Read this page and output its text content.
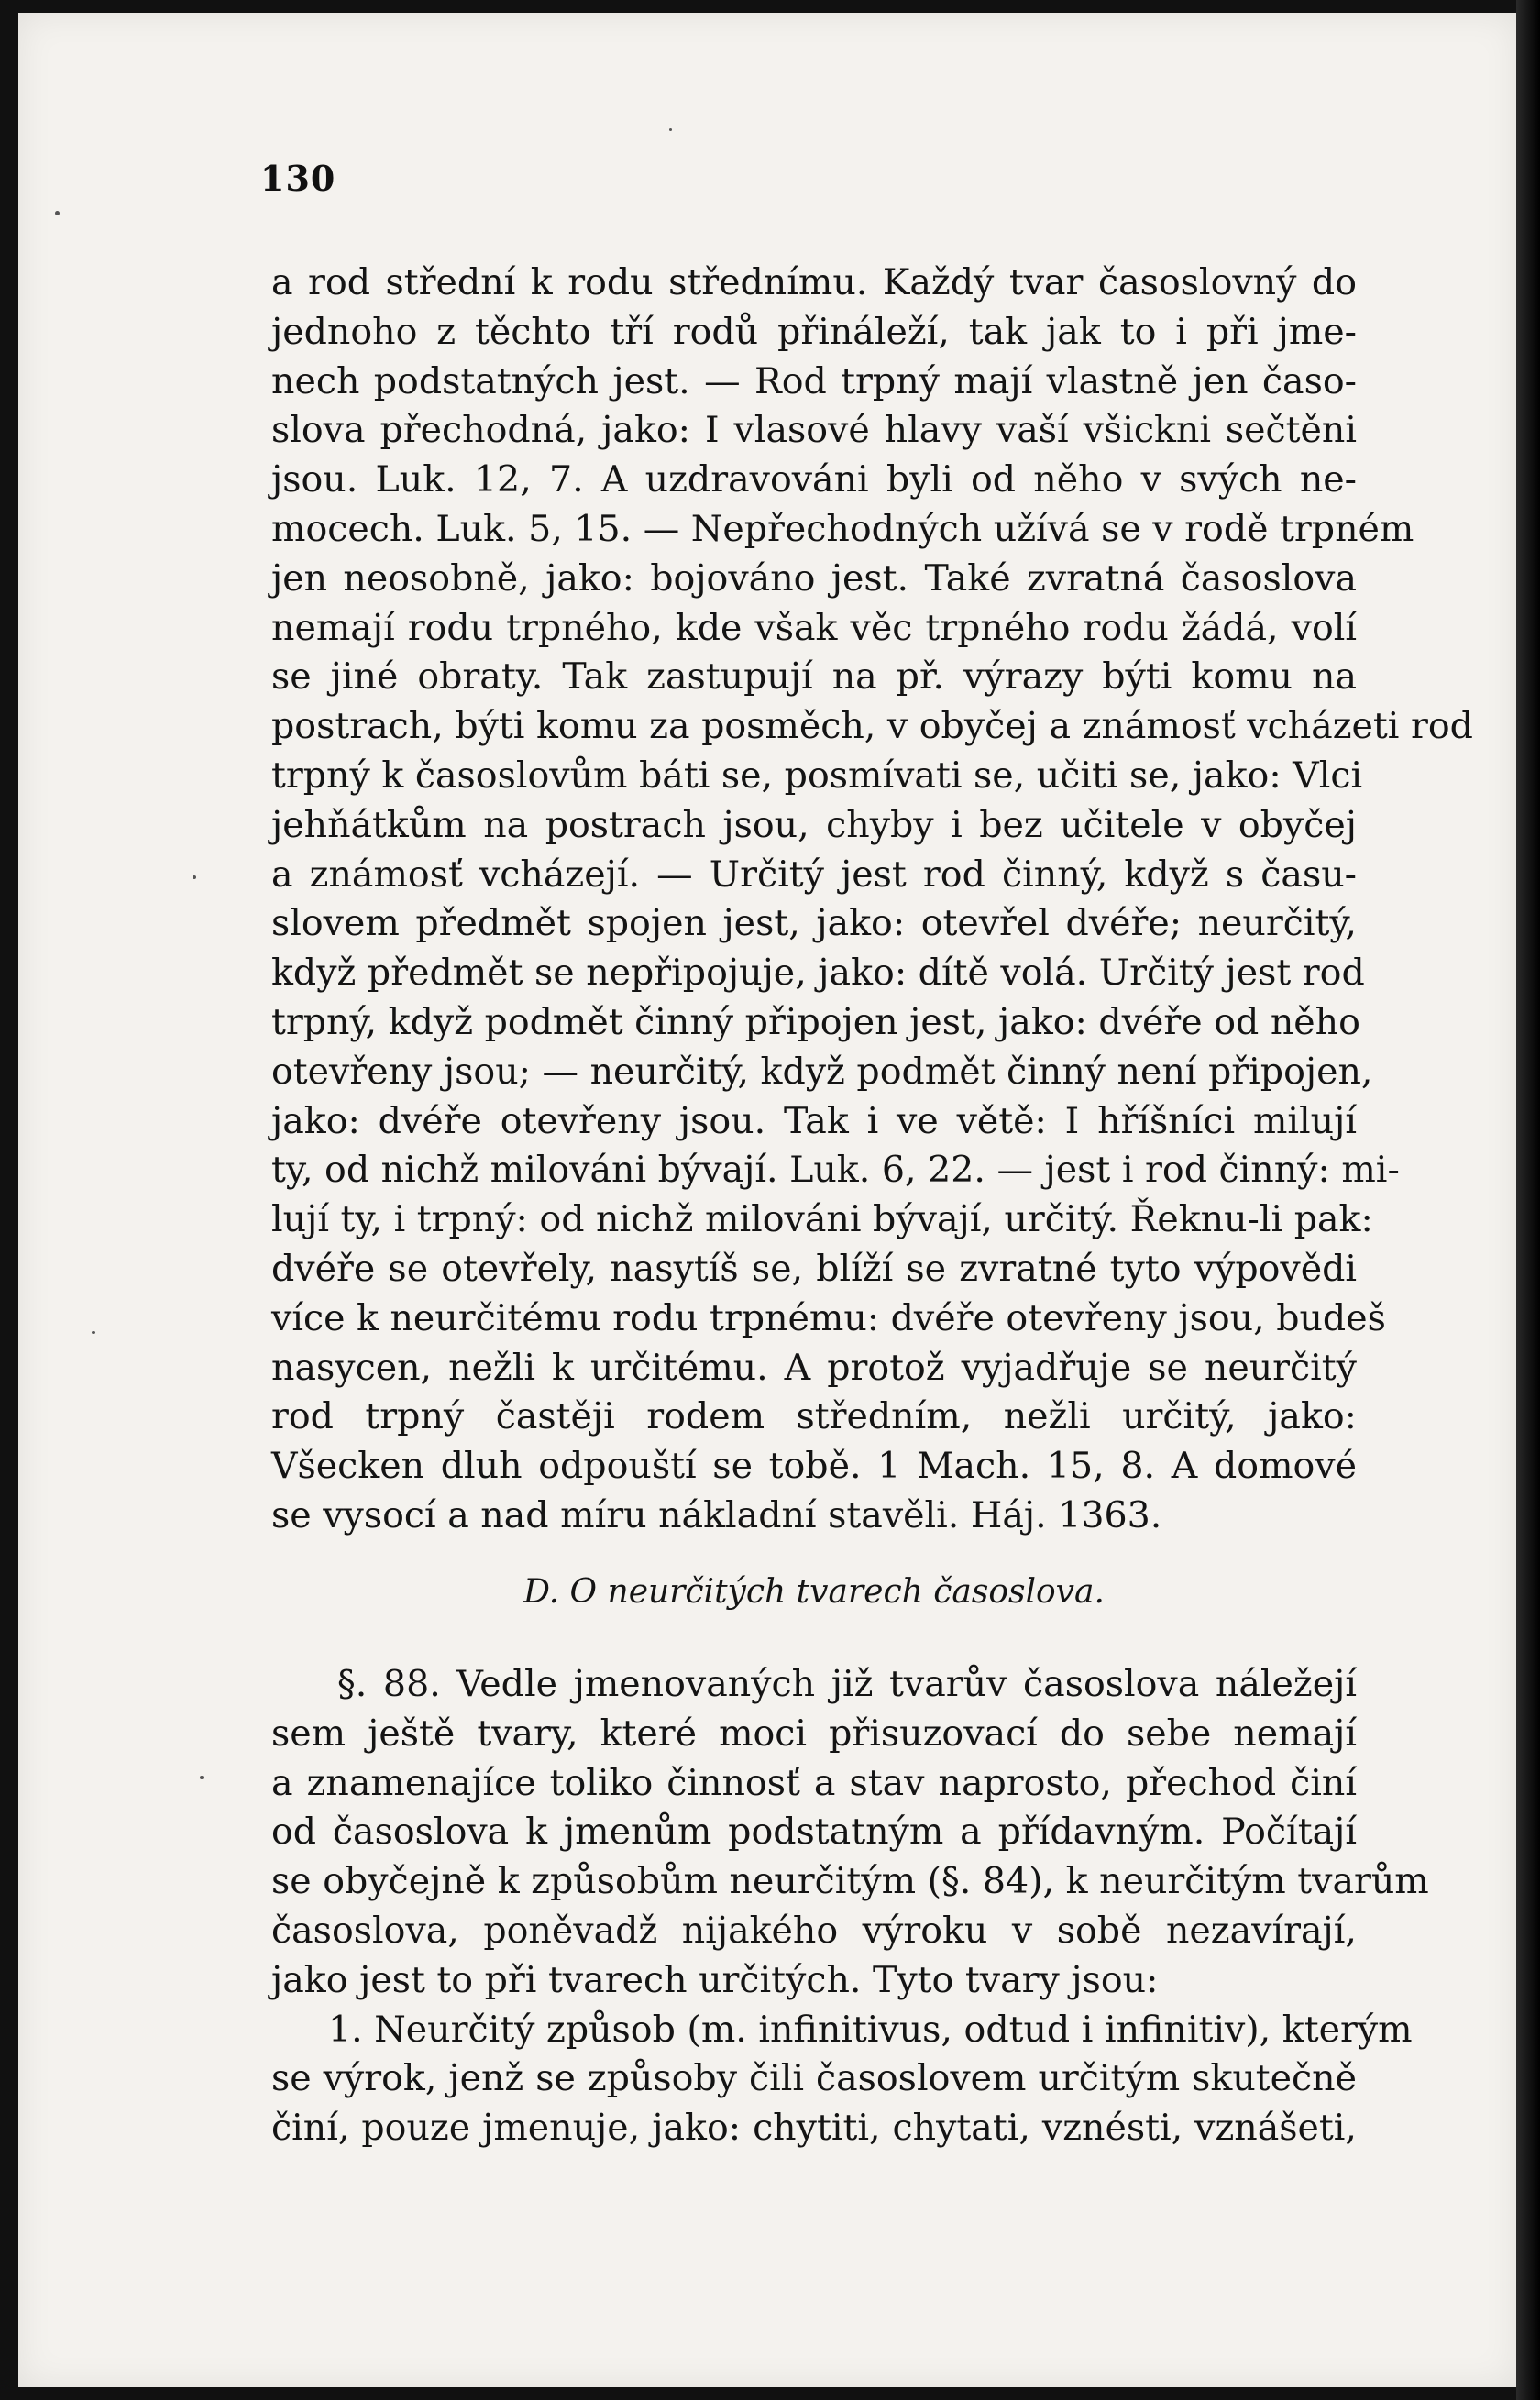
130
a rod střední k rodu střednímu. Každý tvar časoslovný do
jednoho z těchto tří rodů přináleží, tak jak to i při jme-
nech podstatných jest. — Rod trpný mají vlastně jen časo-
slova přechodná, jako: I vlasové hlavy vaší všickni sečtěni
jsou. Luk. 12, 7. A uzdravováni byli od něho v svých ne-
mocech. Luk. 5, 15. — Nepřechodných užívá se v rodě trpném
jen neosobně, jako: bojováno jest. Také zvratná časoslova
nemají rodu trpného, kde však věc trpného rodu žádá, volí
se jiné obraty. Tak zastupují na př. výrazy býti komu na
postrach, býti komu za posměch, v obyčej a známosť vcházeti rod
trpný k časoslovům báti se, posmívati se, učiti se, jako: Vlci
jehňátkům na postrach jsou, chyby i bez učitele v obyčej
a známosť vcházejí. — Určitý jest rod činný, když s času-
slovem předmět spojen jest, jako: otevřel dvéře; neurčitý,
když předmět se nepřipojuje, jako: dítě volá. Určitý jest rod
trpný, když podmět činný připojen jest, jako: dvéře od něho
otevřeny jsou; — neurčitý, když podmět činný není připojen,
jako: dvéře otevřeny jsou. Tak i ve větě: I hříšníci milují
ty, od nichž milováni bývají. Luk. 6, 22. — jest i rod činný: mi-
lují ty, i trpný: od nichž milováni bývají, určitý. Řeknu-li pak:
dvéře se otevřely, nasytíš se, blíží se zvratné tyto výpovědi
více k neurčitému rodu trpnému: dvéře otevřeny jsou, budeš
nasycen, nežli k určitému. A protož vyjadřuje se neurčitý
rod trpný častěji rodem středním, nežli určitý, jako:
Všecken dluh odpouští se tobě. 1 Mach. 15, 8. A domové
se vysocí a nad míru nákladní stavěli. Háj. 1363.
D. O neurčitých tvarech časoslova.
§. 88. Vedle jmenovaných již tvarův časoslova náležejí
sem ještě tvary, které moci přisuzovací do sebe nemají
a znamenajíce toliko činnosť a stav naprosto, přechod činí
od časoslova k jmenům podstatným a přídavným. Počítají
se obyčejně k způsobům neurčitým (§. 84), k neurčitým tvarům
časoslova, poněvadž nijakého výroku v sobě nezavírají,
jako jest to při tvarech určitých. Tyto tvary jsou:
1. Neurčitý způsob (m. infinitivus, odtud i infinitiv), kterým
se výrok, jenž se způsoby čili časoslovem určitým skutečně
činí, pouze jmenuje, jako: chytiti, chytati, vznésti, vznášeti,
